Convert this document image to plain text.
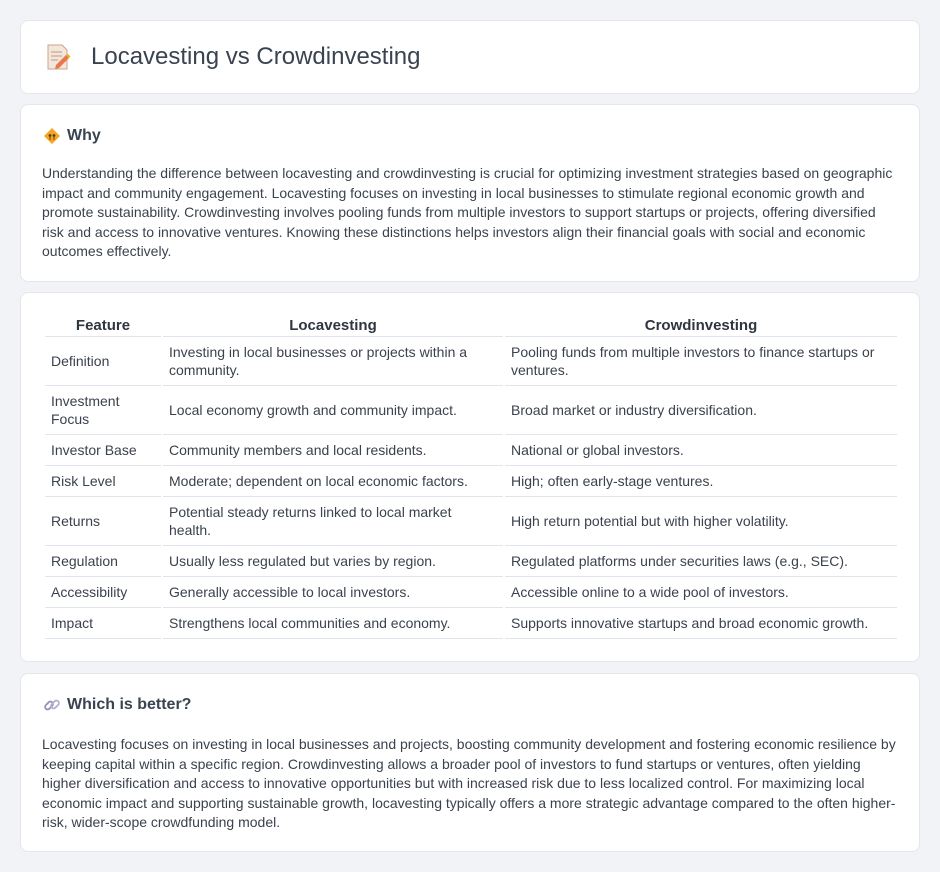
Locavesting vs Crowdinvesting
Why

Understanding the difference between locavesting and crowdinvesting is crucial for optimizing investment strategies based on geographic impact and community engagement. Locavesting focuses on investing in local businesses to stimulate regional economic growth and promote sustainability. Crowdinvesting involves pooling funds from multiple investors to support startups or projects, offering diversified risk and access to innovative ventures. Knowing these distinctions helps investors align their financial goals with social and economic outcomes effectively.

Feature	Locavesting	Crowdinvesting
Definition	Investing in local businesses or projects within a community.	Pooling funds from multiple investors to finance startups or ventures.
Investment Focus	Local economy growth and community impact.	Broad market or industry diversification.
Investor Base	Community members and local residents.	National or global investors.
Risk Level	Moderate; dependent on local economic factors.	High; often early-stage ventures.
Returns	Potential steady returns linked to local market health.	High return potential but with higher volatility.
Regulation	Usually less regulated but varies by region.	Regulated platforms under securities laws (e.g., SEC).
Accessibility	Generally accessible to local investors.	Accessible online to a wide pool of investors.
Impact	Strengthens local communities and economy.	Supports innovative startups and broad economic growth.
Which is better?

Locavesting focuses on investing in local businesses and projects, boosting community development and fostering economic resilience by keeping capital within a specific region. Crowdinvesting allows a broader pool of investors to fund startups or ventures, often yielding higher diversification and access to innovative opportunities but with increased risk due to less localized control. For maximizing local economic impact and supporting sustainable growth, locavesting typically offers a more strategic advantage compared to the often higher-risk, wider-scope crowdfunding model.
